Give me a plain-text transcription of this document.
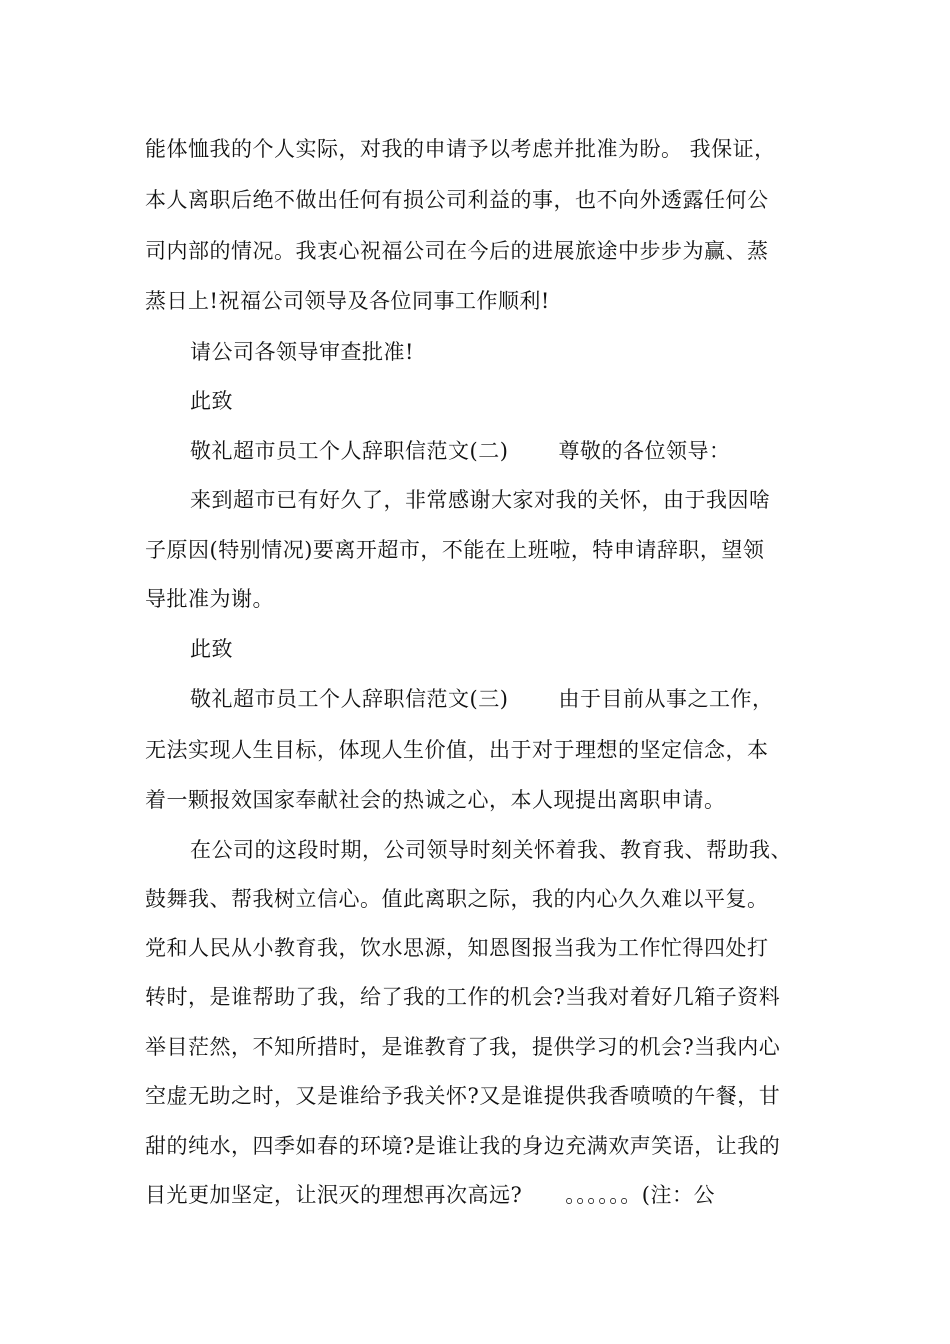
能体恤我的个人实际，对我的申请予以考虑并批准为盼。 我保证，
本人离职后绝不做出任何有损公司利益的事，也不向外透露任何公
司内部的情况。我衷心祝福公司在今后的进展旅途中步步为赢、蒸
蒸日上!祝福公司领导及各位同事工作顺利!
请公司各领导审查批准!
此致
敬礼超市员工个人辞职信范文(二)　　 尊敬的各位领导：
来到超市已有好久了，非常感谢大家对我的关怀，由于我因啥
子原因(特别情况)要离开超市，不能在上班啦，特申请辞职，望领
导批准为谢。
此致
敬礼超市员工个人辞职信范文(三)　　 由于目前从事之工作，
无法实现人生目标，体现人生价值，出于对于理想的坚定信念，本
着一颗报效国家奉献社会的热诚之心，本人现提出离职申请。
在公司的这段时期，公司领导时刻关怀着我、教育我、帮助我、
鼓舞我、帮我树立信心。值此离职之际，我的内心久久难以平复。
党和人民从小教育我，饮水思源，知恩图报当我为工作忙得四处打
转时，是谁帮助了我，给了我的工作的机会?当我对着好几箱子资料
举目茫然，不知所措时，是谁教育了我，提供学习的机会?当我内心
空虚无助之时，又是谁给予我关怀?又是谁提供我香喷喷的午餐，甘
甜的纯水，四季如春的环境?是谁让我的身边充满欢声笑语，让我的
目光更加坚定，让泯灭的理想再次高远?　　。。。。。。(注：公
